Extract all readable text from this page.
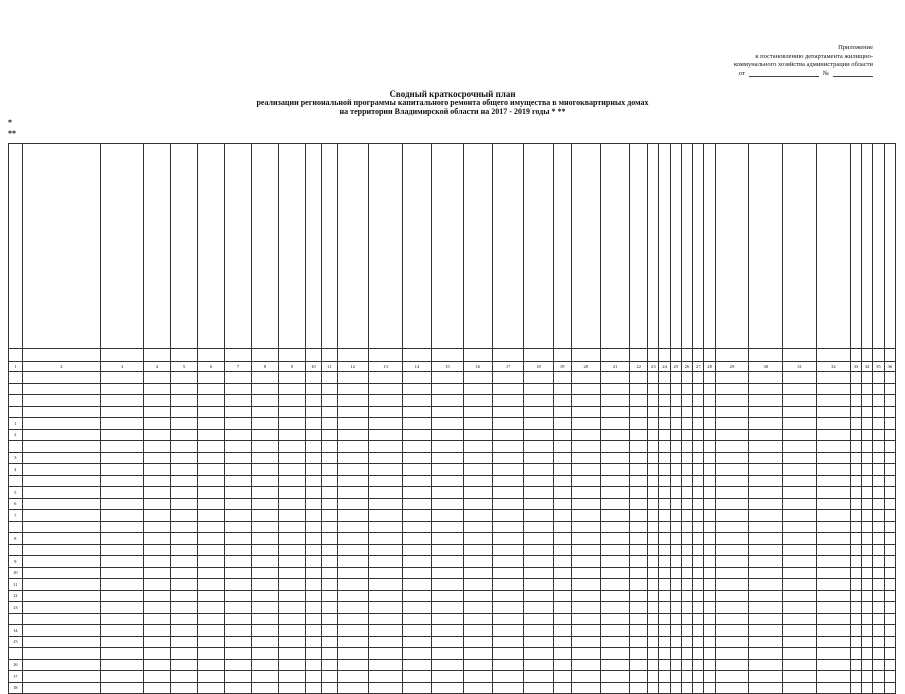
Приложение
к постановлению департамента жилищно-
коммунального хозяйства администрации области
от	№
Сводный краткосрочный план
реализации региональной программы капитального ремонта общего имущества в многоквартирных домах
на территории Владимирской области на 2017 - 2019 годы * **
*
**

1	2	3	4	5	6	7	8	9	10	11	12	13	14	15	16	17	18	19	20	21	22	23	24	25	26	27	28	29	30	31	32	33	34	35	36

1																																			
2																																			

3																																			
4																																			

5																																			
6																																			
7																																			

8																																			

9																																			
10																																			
11																																			
12																																			
13																																			

14																																			
15																																			

16																																			
17																																			
18																																			
